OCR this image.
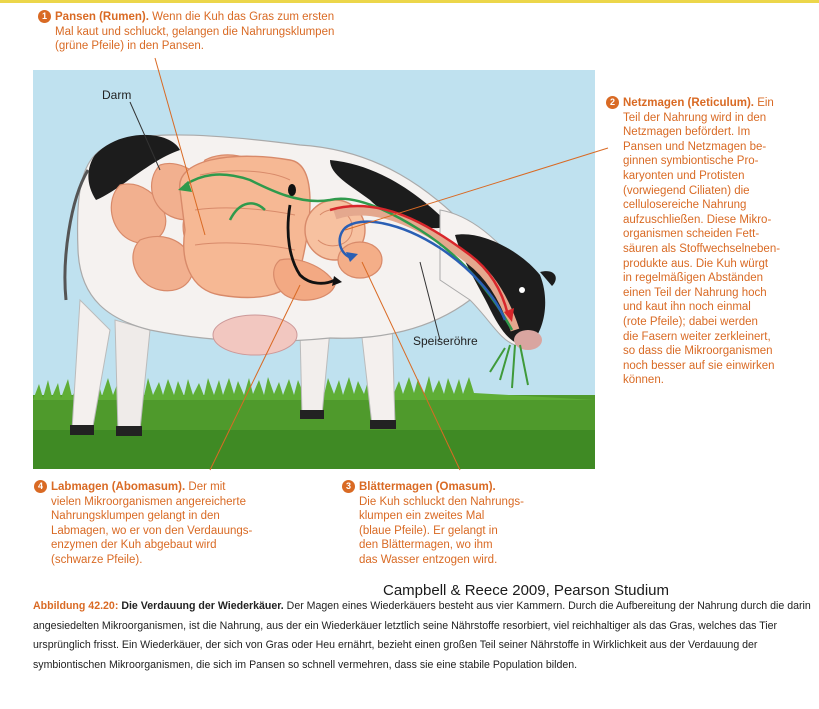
Darm
Speiseröhre
1 Pansen (Rumen). Wenn die Kuh das Gras zum ersten
Mal kaut und schluckt, gelangen die Nahrungsklumpen
(grüne Pfeile) in den Pansen.
2 Netzmagen (Reticulum). Ein
Teil der Nahrung wird in den
Netzmagen befördert. Im
Pansen und Netzmagen be-
ginnen symbiontische Pro-
karyonten und Protisten
(vorwiegend Ciliaten) die
cellulosereiche Nahrung
aufzuschließen. Diese Mikro-
organismen scheiden Fett-
säuren als Stoffwechselneben-
produkte aus. Die Kuh würgt
in regelmäßigen Abständen
einen Teil der Nahrung hoch
und kaut ihn noch einmal
(rote Pfeile); dabei werden
die Fasern weiter zerkleinert,
so dass die Mikroorganismen
noch besser auf sie einwirken
können.
3 Blättermagen (Omasum).
Die Kuh schluckt den Nahrungs-
klumpen ein zweites Mal
(blaue Pfeile). Er gelangt in
den Blättermagen, wo ihm
das Wasser entzogen wird.
4 Labmagen (Abomasum). Der mit
vielen Mikroorganismen angereicherte
Nahrungsklumpen gelangt in den
Labmagen, wo er von den Verdauungs-
enzymen der Kuh abgebaut wird
(schwarze Pfeile).
Campbell & Reece 2009, Pearson Studium
Abbildung 42.20: Die Verdauung der Wiederkäuer. Der Magen eines Wiederkäuers besteht aus vier Kammern. Durch die Aufbereitung der Nahrung durch die darin angesiedelten Mikroorganismen, ist die Nahrung, aus der ein Wiederkäuer letztlich seine Nährstoffe resorbiert, viel reichhaltiger als das Gras, welches das Tier ursprünglich frisst. Ein Wiederkäuer, der sich von Gras oder Heu ernährt, bezieht einen großen Teil seiner Nährstoffe in Wirklichkeit aus der Verdauung der symbiontischen Mikroorganismen, die sich im Pansen so schnell vermehren, dass sie eine stabile Population bilden.
